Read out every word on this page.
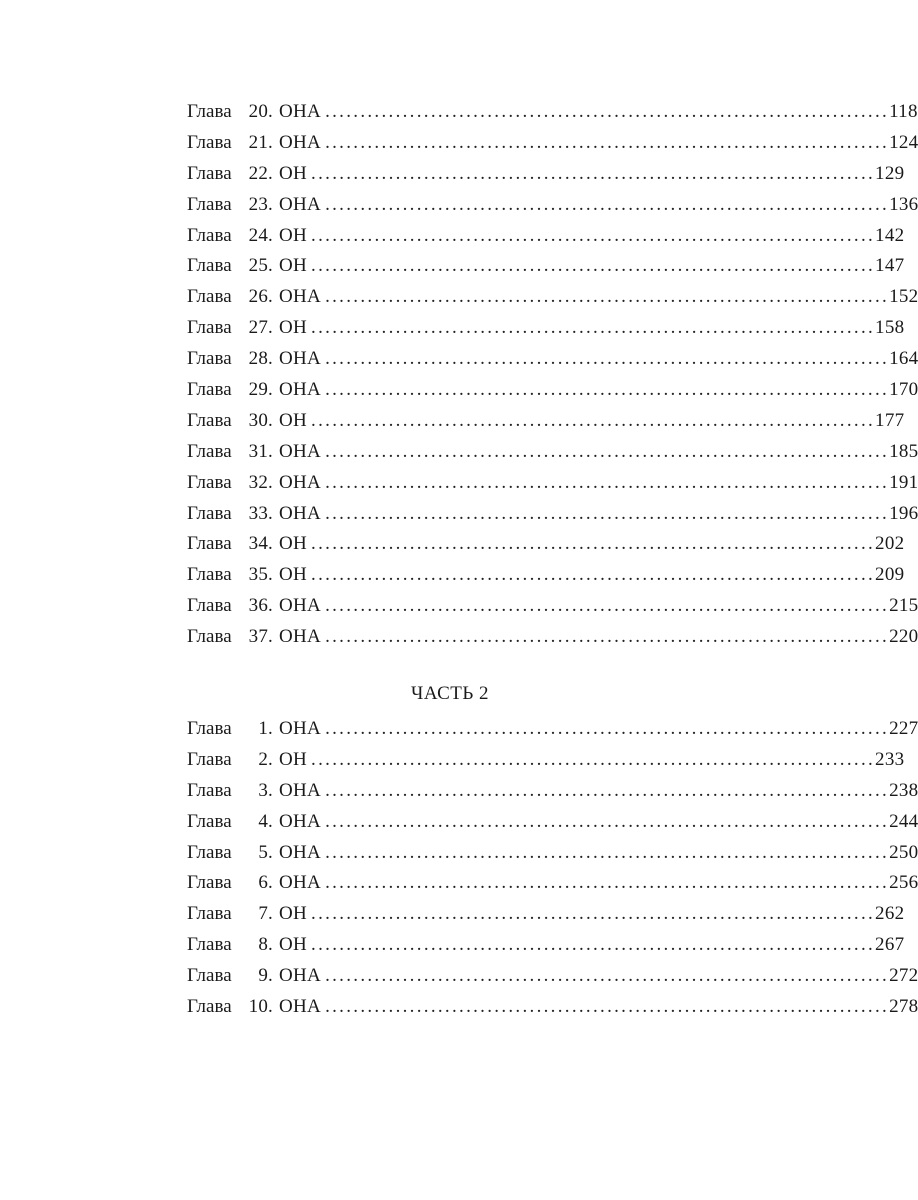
Глава 20. ОНА ................................................................................ 118
Глава 21. ОНА ................................................................................ 124
Глава 22. ОН ................................................................................ 129
Глава 23. ОНА ................................................................................ 136
Глава 24. ОН ................................................................................ 142
Глава 25. ОН ................................................................................ 147
Глава 26. ОНА ................................................................................ 152
Глава 27. ОН ................................................................................ 158
Глава 28. ОНА ................................................................................ 164
Глава 29. ОНА ................................................................................ 170
Глава 30. ОН ................................................................................ 177
Глава 31. ОНА ................................................................................ 185
Глава 32. ОНА ................................................................................ 191
Глава 33. ОНА ................................................................................ 196
Глава 34. ОН ................................................................................ 202
Глава 35. ОН ................................................................................ 209
Глава 36. ОНА ................................................................................ 215
Глава 37. ОНА ................................................................................ 220
ЧАСТЬ 2
Глава	1. ОНА ................................................................................ 227
Глава	2. ОН ................................................................................ 233
Глава	3. ОНА ................................................................................ 238
Глава	4. ОНА ................................................................................ 244
Глава	5. ОНА ................................................................................ 250
Глава	6. ОНА ................................................................................ 256
Глава	7. ОН ................................................................................ 262
Глава	8. ОН ................................................................................ 267
Глава	9. ОНА ................................................................................ 272
Глава 10. ОНА ................................................................................ 278
